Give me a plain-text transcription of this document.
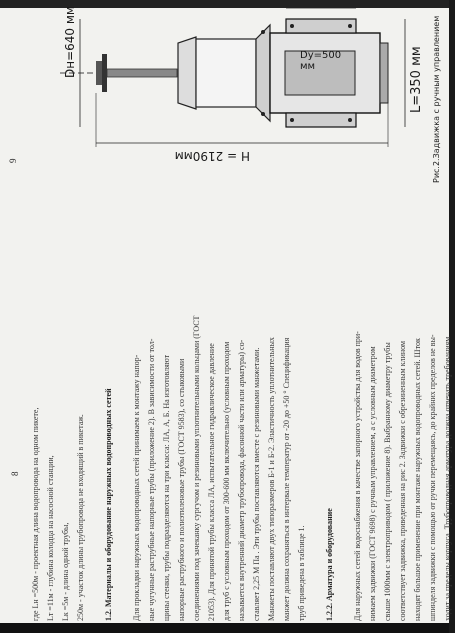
8	где Lн =500м - проектная длина водопровода на одном пикете, Lт =11м - глубина колодца на насосной станции, Lк =5м - длина одной трубы, 250м - участок длины трубопровода не входящий в пикетаж.	1.2. Материалы и оборудование наружных водопроводных сетей	Для прокладки наружных водопроводных сетей принимаем к монтажу напор- ные чугунные раструбные напорные трубы (приложение 2). В зависимости от тол- щины стенки, трубы подразделяются на три класса: ЛА, А, Б. На изготовляют напорные раструбного и полиэтиленовые трубы (ГОСТ 9583), со стыковыми соединениями под зачеканку сургучом и резиновыми уплотнительными кольцами (ГОСТ 21053). Для принятой трубы класса ЛА, испытательное гидравлическое давление для труб с условным проходом от 300-600 мм включительно (условным проходом называется внутренний диаметр трубопровода, фасонной части или арматуры) со- ставляет 2,25 М Па . Эти трубы поставляются вместе с резиновыми манжетами. Манжеты поставляют двух типоразмеров Б-1 и Б-2. Эластичность уплотнительных манжет должна сохраняться в интервале температур от -20 до +50 ° Спецификация труб приведена в таблице 1.	1.2.2. Арматура и оборудование	Для наружных сетей водоснабжения в качестве запорного устройства для водов при- нимаем задвижки (ГОСТ 9698) с ручным управлением, а с условным диаметром свыше 1000мм с электроприводом ( приложение 8). Выбранному диаметру трубы соответствует задвижка, приведенная на рис 2. Задвижки с обрезиненным клином находят большое применение при монтаже наружных водопроводных сетей. Шток шпинделя задвижки с помощью от ручки перемещаясь, до крайних пределов не вы- ходит за пределы корпуса. Трубопроводная арматура должна отвечать требованиям
9
Dн=640 мм	Dy=500 мм	L=350 мм
H = 2190мм	Рис.2.Задвижка с ручным управлением
